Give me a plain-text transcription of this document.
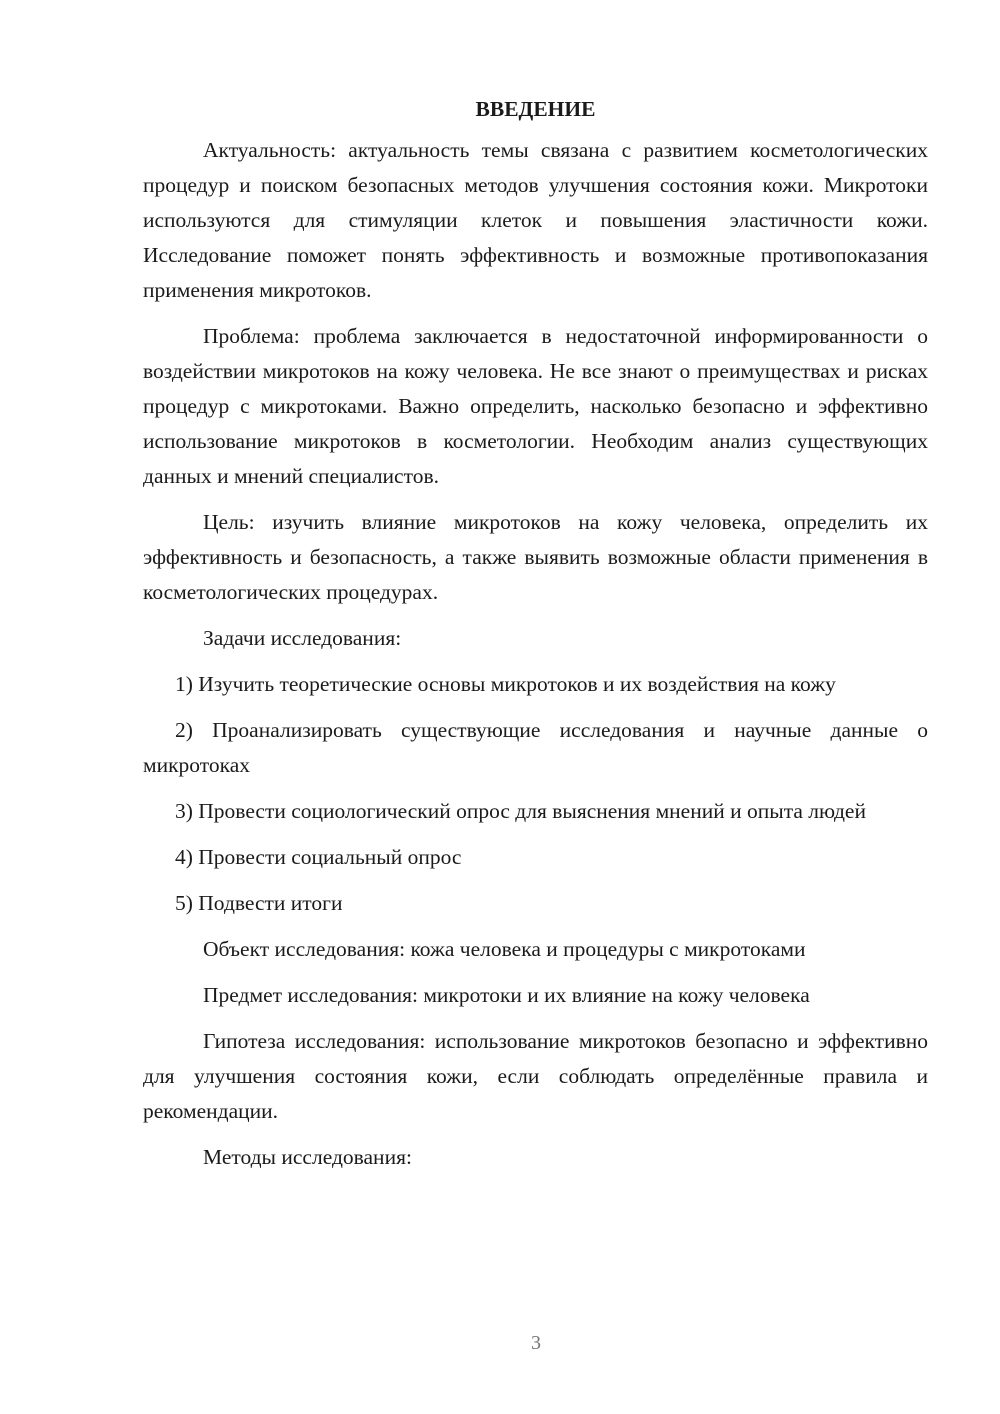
ВВЕДЕНИЕ

Актуальность: актуальность темы связана с развитием косметологических процедур и поиском безопасных методов улучшения состояния кожи. Микротоки используются для стимуляции клеток и повышения эластичности кожи. Исследование поможет понять эффективность и возможные противопоказания применения микротоков.

Проблема: проблема заключается в недостаточной информированности о воздействии микротоков на кожу человека. Не все знают о преимуществах и рисках процедур с микротоками. Важно определить, насколько безопасно и эффективно использование микротоков в косметологии. Необходим анализ существующих данных и мнений специалистов.

Цель: изучить влияние микротоков на кожу человека, определить их эффективность и безопасность, а также выявить возможные области применения в косметологических процедурах.

Задачи исследования:

1) Изучить теоретические основы микротоков и их воздействия на кожу

2) Проанализировать существующие исследования и научные данные о микротоках

3) Провести социологический опрос для выяснения мнений и опыта людей

4) Провести социальный опрос

5) Подвести итоги

Объект исследования: кожа человека и процедуры с микротоками

Предмет исследования: микротоки и их влияние на кожу человека

Гипотеза исследования: использование микротоков безопасно и эффективно для улучшения состояния кожи, если соблюдать определённые правила и рекомендации.

Методы исследования:

3
